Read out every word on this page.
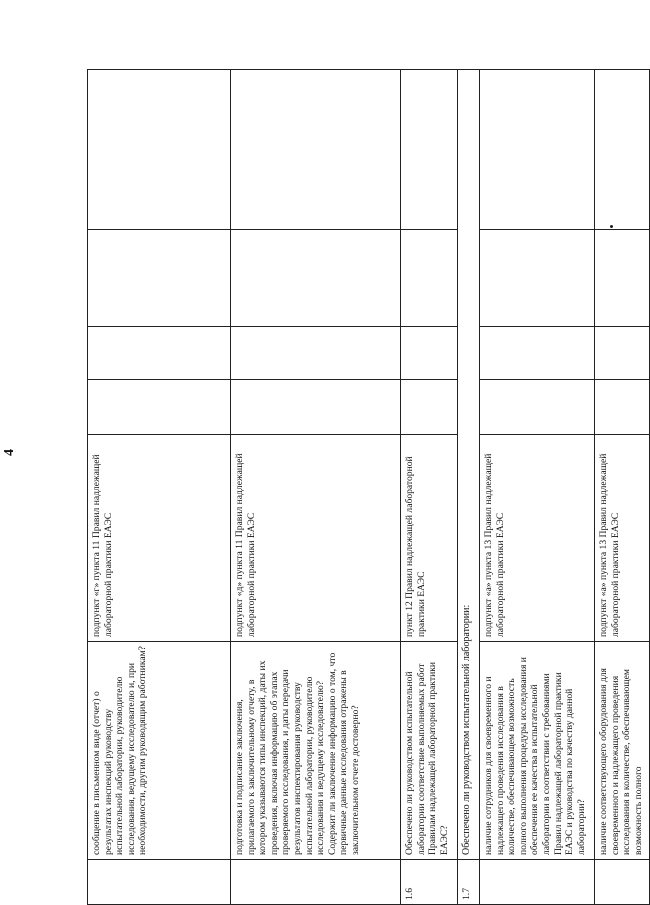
4
	сообщение в письменном виде (отчет) о результатах инспекций руководству испытательной лаборатории, руководителю исследования, ведущему исследователю и, при необходимости, другим руководящим работникам?	подпункт «г» пункта 11 Правил надлежащей лабораторной практики ЕАЭС				
	подготовка и подписание заключения, прилагаемого к заключительному отчету, в котором указываются типы инспекций, даты их проведения, включая информацию об этапах проверяемого исследования, и даты передачи результатов инспектирования руководству испытательной лаборатории, руководителю исследования и ведущему исследователю? Содержит ли заключение информацию о том, что первичные данные исследования отражены в заключительном отчете достоверно?	подпункт «д» пункта 11 Правил надлежащей лабораторной практики ЕАЭС				
1.6	Обеспечено ли руководством испытательной лаборатории соответствие выполняемых работ Правилам надлежащей лабораторной практики ЕАЭС?	пункт 12 Правил надлежащей лабораторной практики ЕАЭС				
1.7	Обеспечено ли руководством испытательной лаборатории:					
	наличие сотрудников для своевременного и надлежащего проведения исследования в количестве, обеспечивающем возможность полного выполнения процедуры исследования и обеспечения ее качества в испытательной лаборатории в соответствии с требованиями Правил надлежащей лабораторной практики ЕАЭС и руководства по качеству данной лаборатории?	подпункт «а» пункта 13 Правил надлежащей лабораторной практики ЕАЭС				
	наличие соответствующего оборудования для своевременного и надлежащего проведения исследования в количестве, обеспечивающем возможность полного	подпункт «а» пункта 13 Правил надлежащей лабораторной практики ЕАЭС				
